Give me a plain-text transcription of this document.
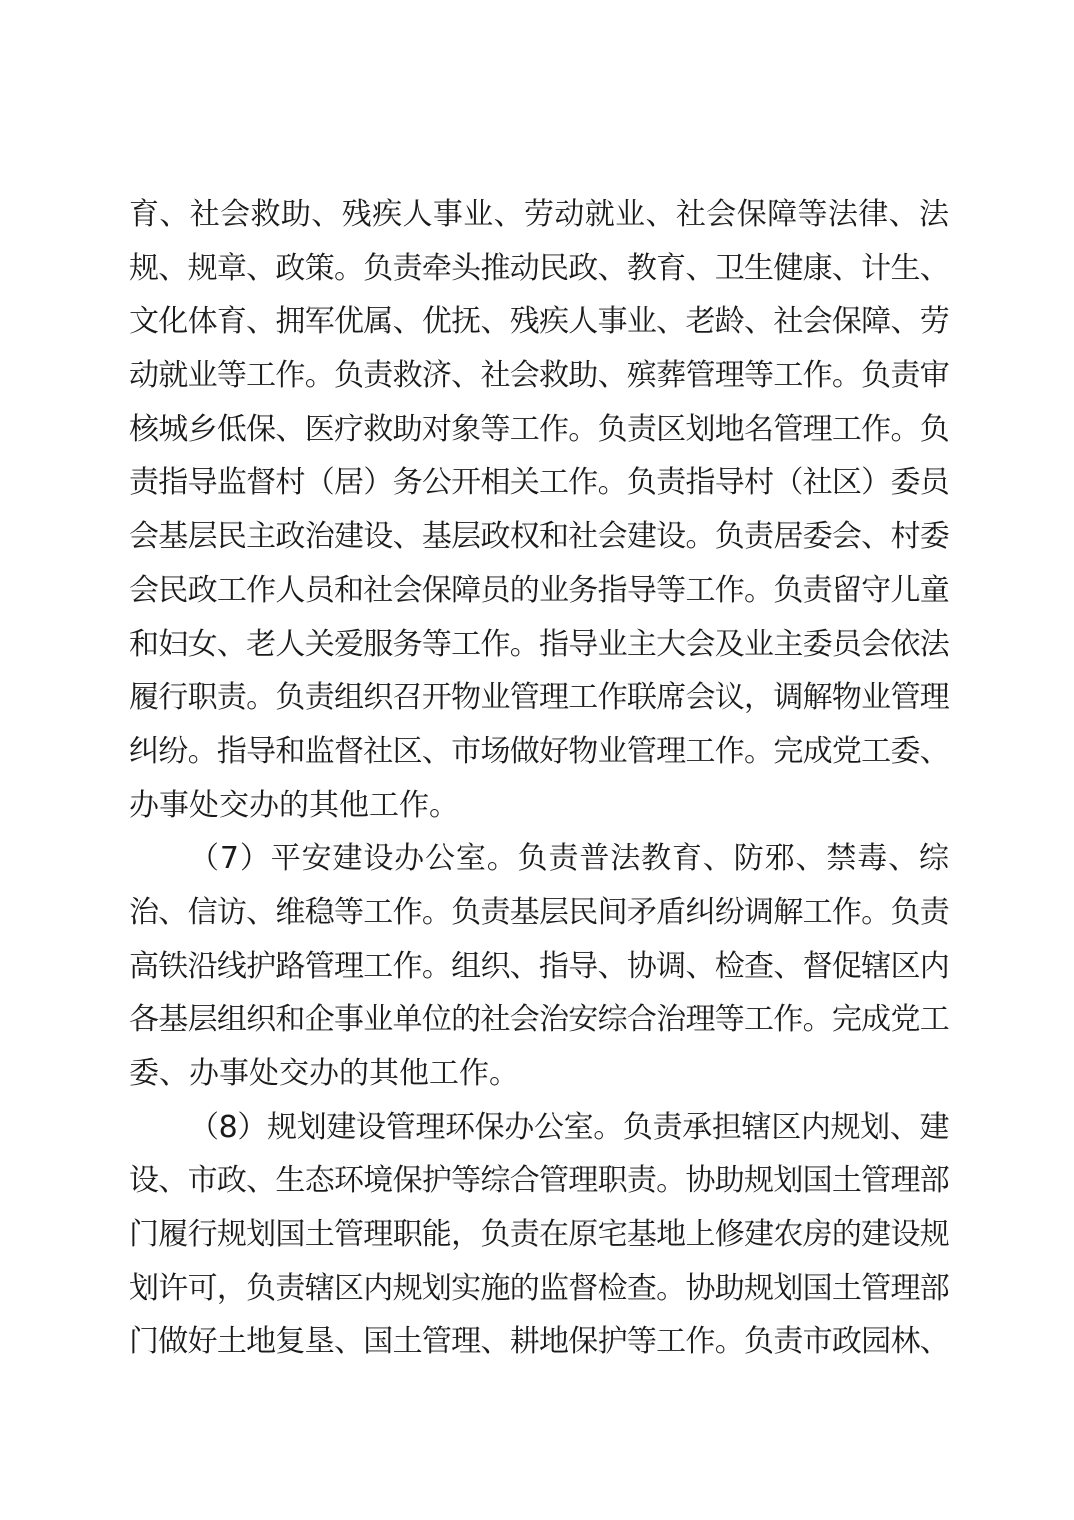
育、社会救助、残疾人事业、劳动就业、社会保障等法律、法
规、规章、政策。负责牵头推动民政、教育、卫生健康、计生、
文化体育、拥军优属、优抚、残疾人事业、老龄、社会保障、劳
动就业等工作。负责救济、社会救助、殡葬管理等工作。负责审
核城乡低保、医疗救助对象等工作。负责区划地名管理工作。负
责指导监督村（居）务公开相关工作。负责指导村（社区）委员
会基层民主政治建设、基层政权和社会建设。负责居委会、村委
会民政工作人员和社会保障员的业务指导等工作。负责留守儿童
和妇女、老人关爱服务等工作。指导业主大会及业主委员会依法
履行职责。负责组织召开物业管理工作联席会议，调解物业管理
纠纷。指导和监督社区、市场做好物业管理工作。完成党工委、
办事处交办的其他工作。
（7）平安建设办公室。负责普法教育、防邪、禁毒、综
治、信访、维稳等工作。负责基层民间矛盾纠纷调解工作。负责
高铁沿线护路管理工作。组织、指导、协调、检查、督促辖区内
各基层组织和企事业单位的社会治安综合治理等工作。完成党工
委、办事处交办的其他工作。
（8）规划建设管理环保办公室。负责承担辖区内规划、建
设、市政、生态环境保护等综合管理职责。协助规划国土管理部
门履行规划国土管理职能，负责在原宅基地上修建农房的建设规
划许可，负责辖区内规划实施的监督检查。协助规划国土管理部
门做好土地复垦、国土管理、耕地保护等工作。负责市政园林、
